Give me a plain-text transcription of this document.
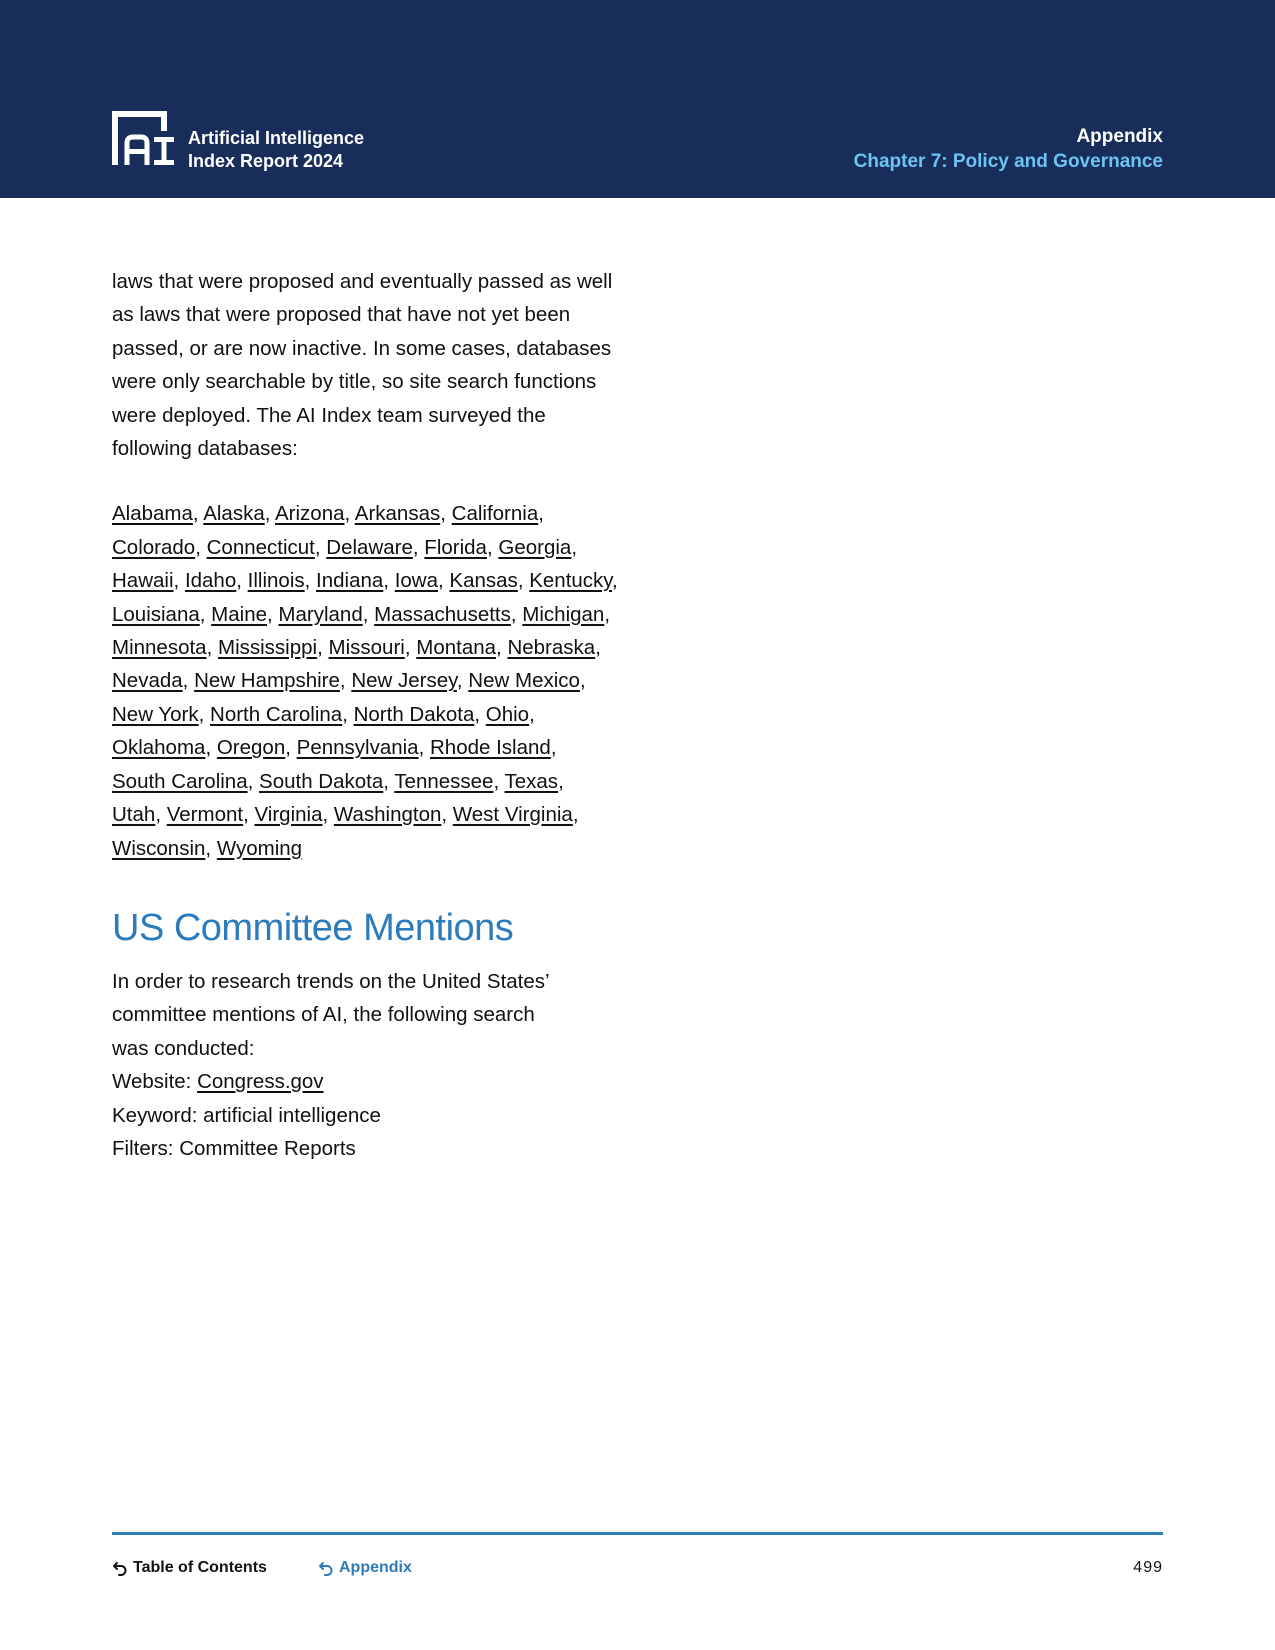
Artificial Intelligence
Index Report 2024
Appendix
Chapter 7: Policy and Governance

laws that were proposed and eventually passed as well
as laws that were proposed that have not yet been
passed, or are now inactive. In some cases, databases
were only searchable by title, so site search functions
were deployed. The AI Index team surveyed the
following databases:

Alabama, Alaska, Arizona, Arkansas, California,
Colorado, Connecticut, Delaware, Florida, Georgia,
Hawaii, Idaho, Illinois, Indiana, Iowa, Kansas, Kentucky,
Louisiana, Maine, Maryland, Massachusetts, Michigan,
Minnesota, Mississippi, Missouri, Montana, Nebraska,
Nevada, New Hampshire, New Jersey, New Mexico,
New York, North Carolina, North Dakota, Ohio,
Oklahoma, Oregon, Pennsylvania, Rhode Island,
South Carolina, South Dakota, Tennessee, Texas,
Utah, Vermont, Virginia, Washington, West Virginia,
Wisconsin, Wyoming

US Committee Mentions

In order to research trends on the United States’
committee mentions of AI, the following search
was conducted:
Website: Congress.gov
Keyword: artificial intelligence
Filters: Committee Reports

Table of Contents	Appendix	499
